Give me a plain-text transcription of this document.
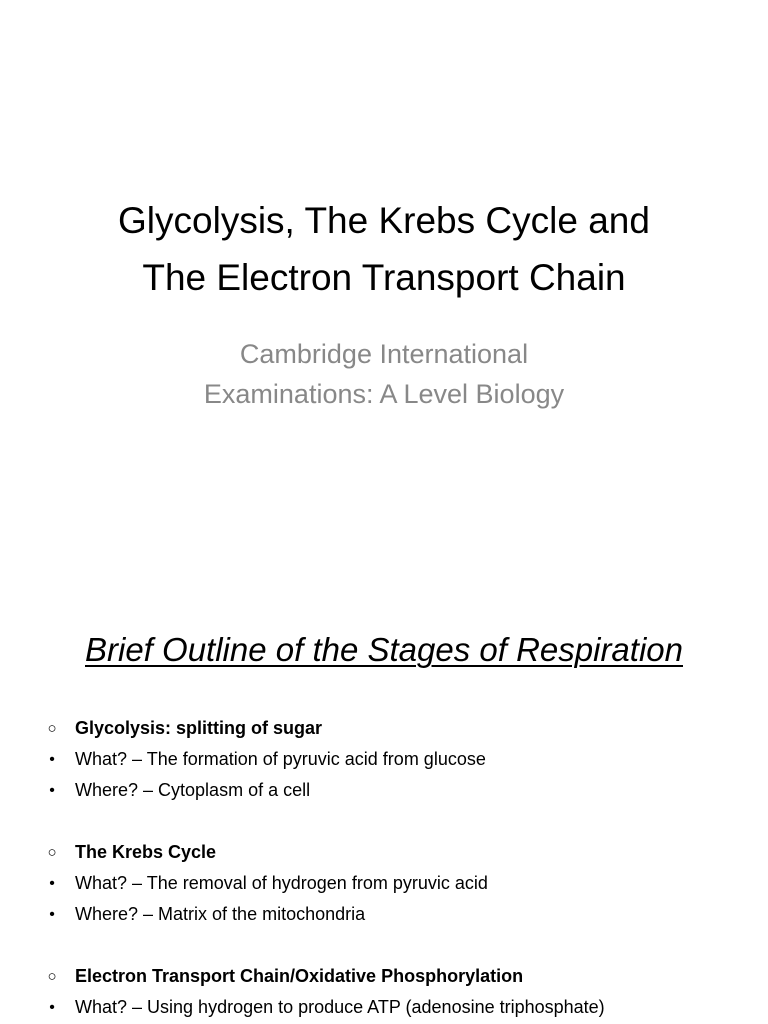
Glycolysis, The Krebs Cycle and
The Electron Transport Chain
Cambridge International
Examinations: A Level Biology
Brief Outline of the Stages of Respiration
○ Glycolysis: splitting of sugar
• What? – The formation of pyruvic acid from glucose
• Where? – Cytoplasm of a cell
○ The Krebs Cycle
• What? – The removal of hydrogen from pyruvic acid
• Where? – Matrix of the mitochondria
○ Electron Transport Chain/Oxidative Phosphorylation
• What? – Using hydrogen to produce ATP (adenosine triphosphate)
